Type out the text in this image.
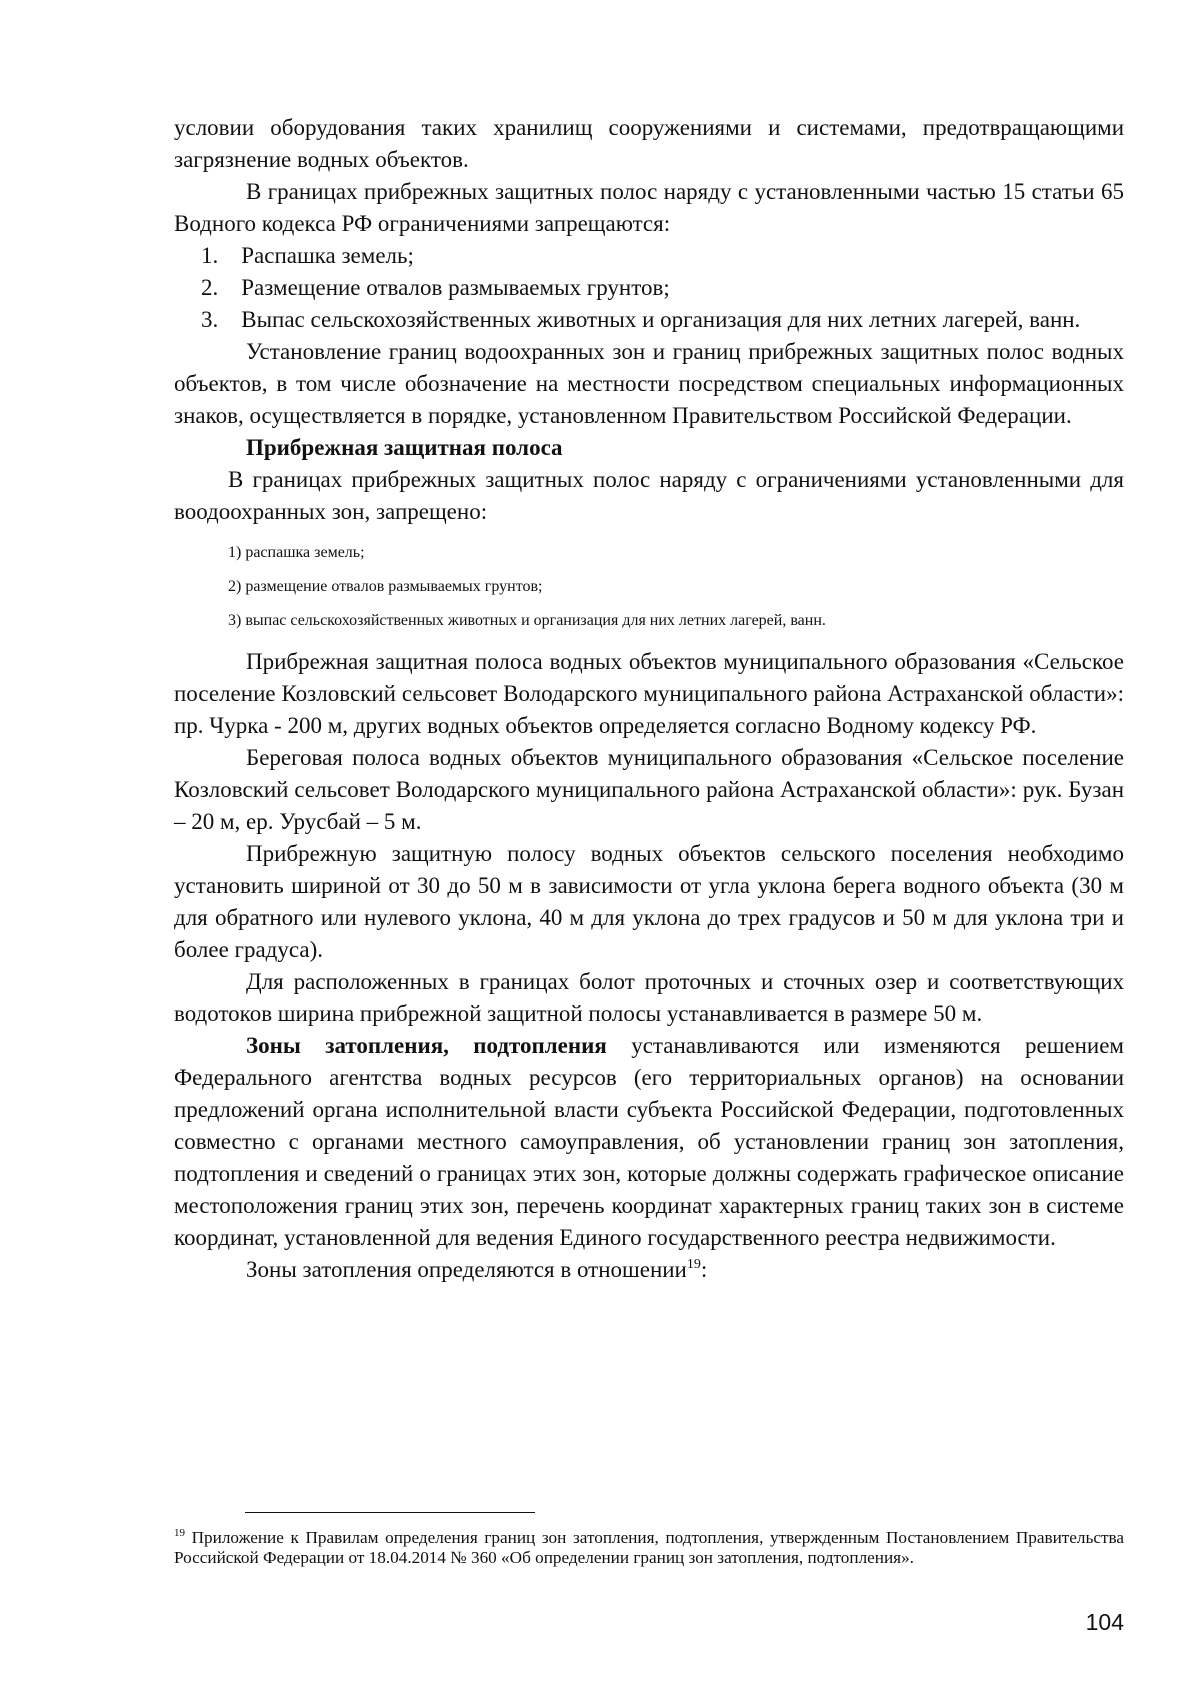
условии оборудования таких хранилищ сооружениями и системами, предотвращающими загрязнение водных объектов.

В границах прибрежных защитных полос наряду с установленными частью 15 статьи 65 Водного кодекса РФ ограничениями запрещаются:

1.    Распашка земель;

2.    Размещение отвалов размываемых грунтов;

3.    Выпас сельскохозяйственных животных и организация для них летних лагерей, ванн.

Установление границ водоохранных зон и границ прибрежных защитных полос водных объектов, в том числе обозначение на местности посредством специальных информационных знаков, осуществляется в порядке, установленном Правительством Российской Федерации.

Прибрежная защитная полоса

В границах прибрежных защитных полос наряду с ограничениями установленными для воодоохранных зон, запрещено:

1) распашка земель;

2) размещение отвалов размываемых грунтов;

3) выпас сельскохозяйственных животных и организация для них летних лагерей, ванн.

Прибрежная защитная полоса водных объектов муниципального образования «Сельское поселение Козловский сельсовет Володарского муниципального района Астраханской области»: пр. Чурка - 200 м, других водных объектов определяется согласно Водному кодексу РФ.

Береговая полоса водных объектов муниципального образования «Сельское поселение Козловский сельсовет Володарского муниципального района Астраханской области»: рук. Бузан – 20 м, ер. Урусбай – 5 м.

Прибрежную защитную полосу водных объектов сельского поселения необходимо установить шириной от 30 до 50 м в зависимости от угла уклона берега водного объекта (30 м для обратного или нулевого уклона, 40 м для уклона до трех градусов и 50 м для уклона три и более градуса).

Для расположенных в границах болот проточных и сточных озер и соответствующих водотоков ширина прибрежной защитной полосы устанавливается в размере 50 м.

Зоны затопления, подтопления устанавливаются или изменяются решением Федерального агентства водных ресурсов (его территориальных органов) на основании предложений органа исполнительной власти субъекта Российской Федерации, подготовленных совместно с органами местного самоуправления, об установлении границ зон затопления, подтопления и сведений о границах этих зон, которые должны содержать графическое описание местоположения границ этих зон, перечень координат характерных границ таких зон в системе координат, установленной для ведения Единого государственного реестра недвижимости.

Зоны затопления определяются в отношении$^{19}$:

$^{19}$ Приложение к Правилам определения границ зон затопления, подтопления, утвержденным Постановлением Правительства Российской Федерации от 18.04.2014 № 360 «Об определении границ зон затопления, подтопления».
104
